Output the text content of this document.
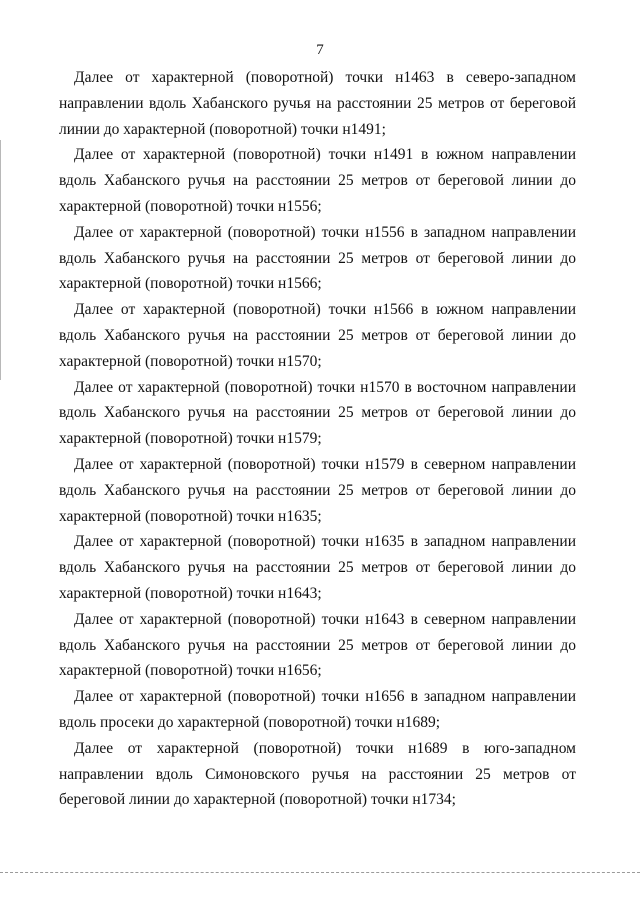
7

Далее от характерной (поворотной) точки н1463 в северо-западном направлении вдоль Хабанского ручья на расстоянии 25 метров от береговой линии до характерной (поворотной) точки н1491;

Далее от характерной (поворотной) точки н1491 в южном направлении вдоль Хабанского ручья на расстоянии 25 метров от береговой линии до характерной (поворотной) точки н1556;

Далее от характерной (поворотной) точки н1556 в западном направлении вдоль Хабанского ручья на расстоянии 25 метров от береговой линии до характерной (поворотной) точки н1566;

Далее от характерной (поворотной) точки н1566 в южном направлении вдоль Хабанского ручья на расстоянии 25 метров от береговой линии до характерной (поворотной) точки н1570;

Далее от характерной (поворотной) точки н1570 в восточном направлении вдоль Хабанского ручья на расстоянии 25 метров от береговой линии до характерной (поворотной) точки н1579;

Далее от характерной (поворотной) точки н1579 в северном направлении вдоль Хабанского ручья на расстоянии 25 метров от береговой линии до характерной (поворотной) точки н1635;

Далее от характерной (поворотной) точки н1635 в западном направлении вдоль Хабанского ручья на расстоянии 25 метров от береговой линии до характерной (поворотной) точки н1643;

Далее от характерной (поворотной) точки н1643 в северном направлении вдоль Хабанского ручья на расстоянии 25 метров от береговой линии до характерной (поворотной) точки н1656;

Далее от характерной (поворотной) точки н1656 в западном направлении вдоль просеки до характерной (поворотной) точки н1689;

Далее от характерной (поворотной) точки н1689 в юго-западном направлении вдоль Симоновского ручья на расстоянии 25 метров от береговой линии до характерной (поворотной) точки н1734;
